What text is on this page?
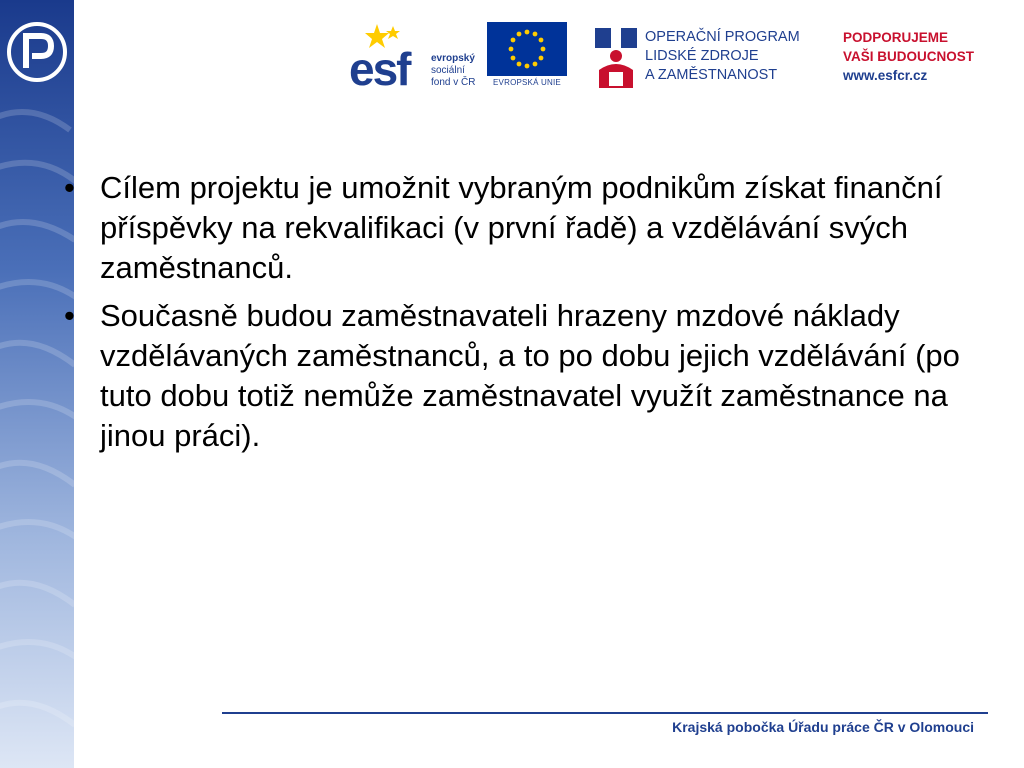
esf evropský
sociální
fond v ČR	EVROPSKÁ UNIE
OPERAČNÍ PROGRAM
LIDSKÉ ZDROJE
A ZAMĚSTNANOST
PODPORUJEME
VAŠI BUDOUCNOST
www.esfcr.cz
• Cílem projektu je umožnit vybraným podnikům získat finanční příspěvky na rekvalifikaci (v první řadě) a vzdělávání svých zaměstnanců.
• Současně budou zaměstnavateli hrazeny mzdové náklady vzdělávaných zaměstnanců, a to po dobu jejich vzdělávání (po tuto dobu totiž nemůže zaměstnavatel využít zaměstnance na jinou práci).
Krajská pobočka Úřadu práce ČR v Olomouci
